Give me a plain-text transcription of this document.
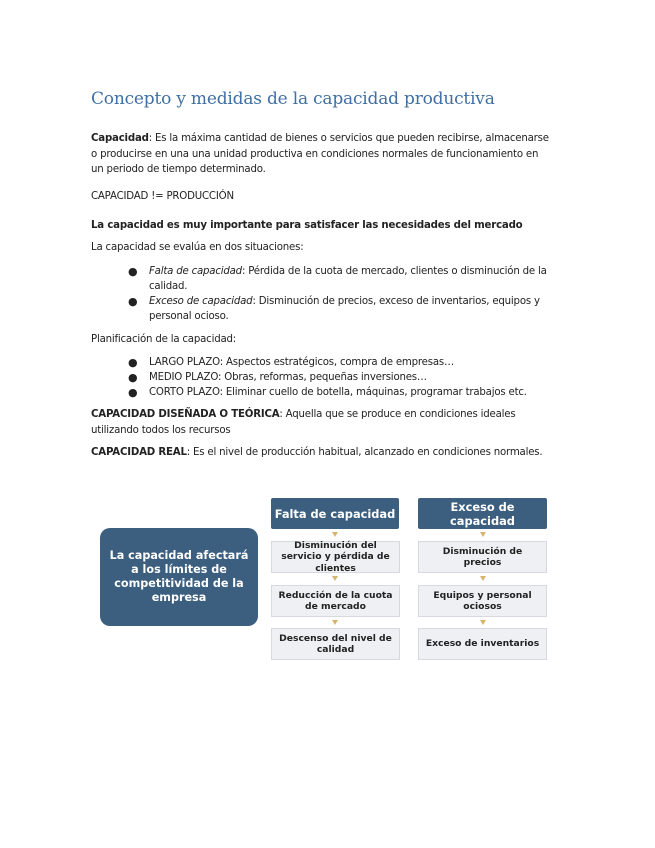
Concepto y medidas de la capacidad productiva
Capacidad: Es la máxima cantidad de bienes o servicios que pueden recibirse, almacenarse o producirse en una una unidad productiva en condiciones normales de funcionamiento en un periodo de tiempo determinado.
CAPACIDAD != PRODUCCIÓN
La capacidad es muy importante para satisfacer las necesidades del mercado
La capacidad se evalúa en dos situaciones:
● Falta de capacidad: Pérdida de la cuota de mercado, clientes o disminución de la calidad.
● Exceso de capacidad: Disminución de precios, exceso de inventarios, equipos y personal ocioso.
Planificación de la capacidad:
● LARGO PLAZO: Aspectos estratégicos, compra de empresas…
● MEDIO PLAZO: Obras, reformas, pequeñas inversiones…
● CORTO PLAZO: Eliminar cuello de botella, máquinas, programar trabajos etc.
CAPACIDAD DISEÑADA O TEÓRICA: Aquella que se produce en condiciones ideales utilizando todos los recursos
CAPACIDAD REAL: Es el nivel de producción habitual, alcanzado en condiciones normales.
La capacidad afectará a los límites de competitividad de la empresa
Falta de capacidad	Exceso de capacidad
Disminución del servicio y pérdida de clientes
Disminución de precios
Reducción de la cuota de mercado
Equipos y personal ociosos
Descenso del nivel de calidad
Exceso de inventarios
